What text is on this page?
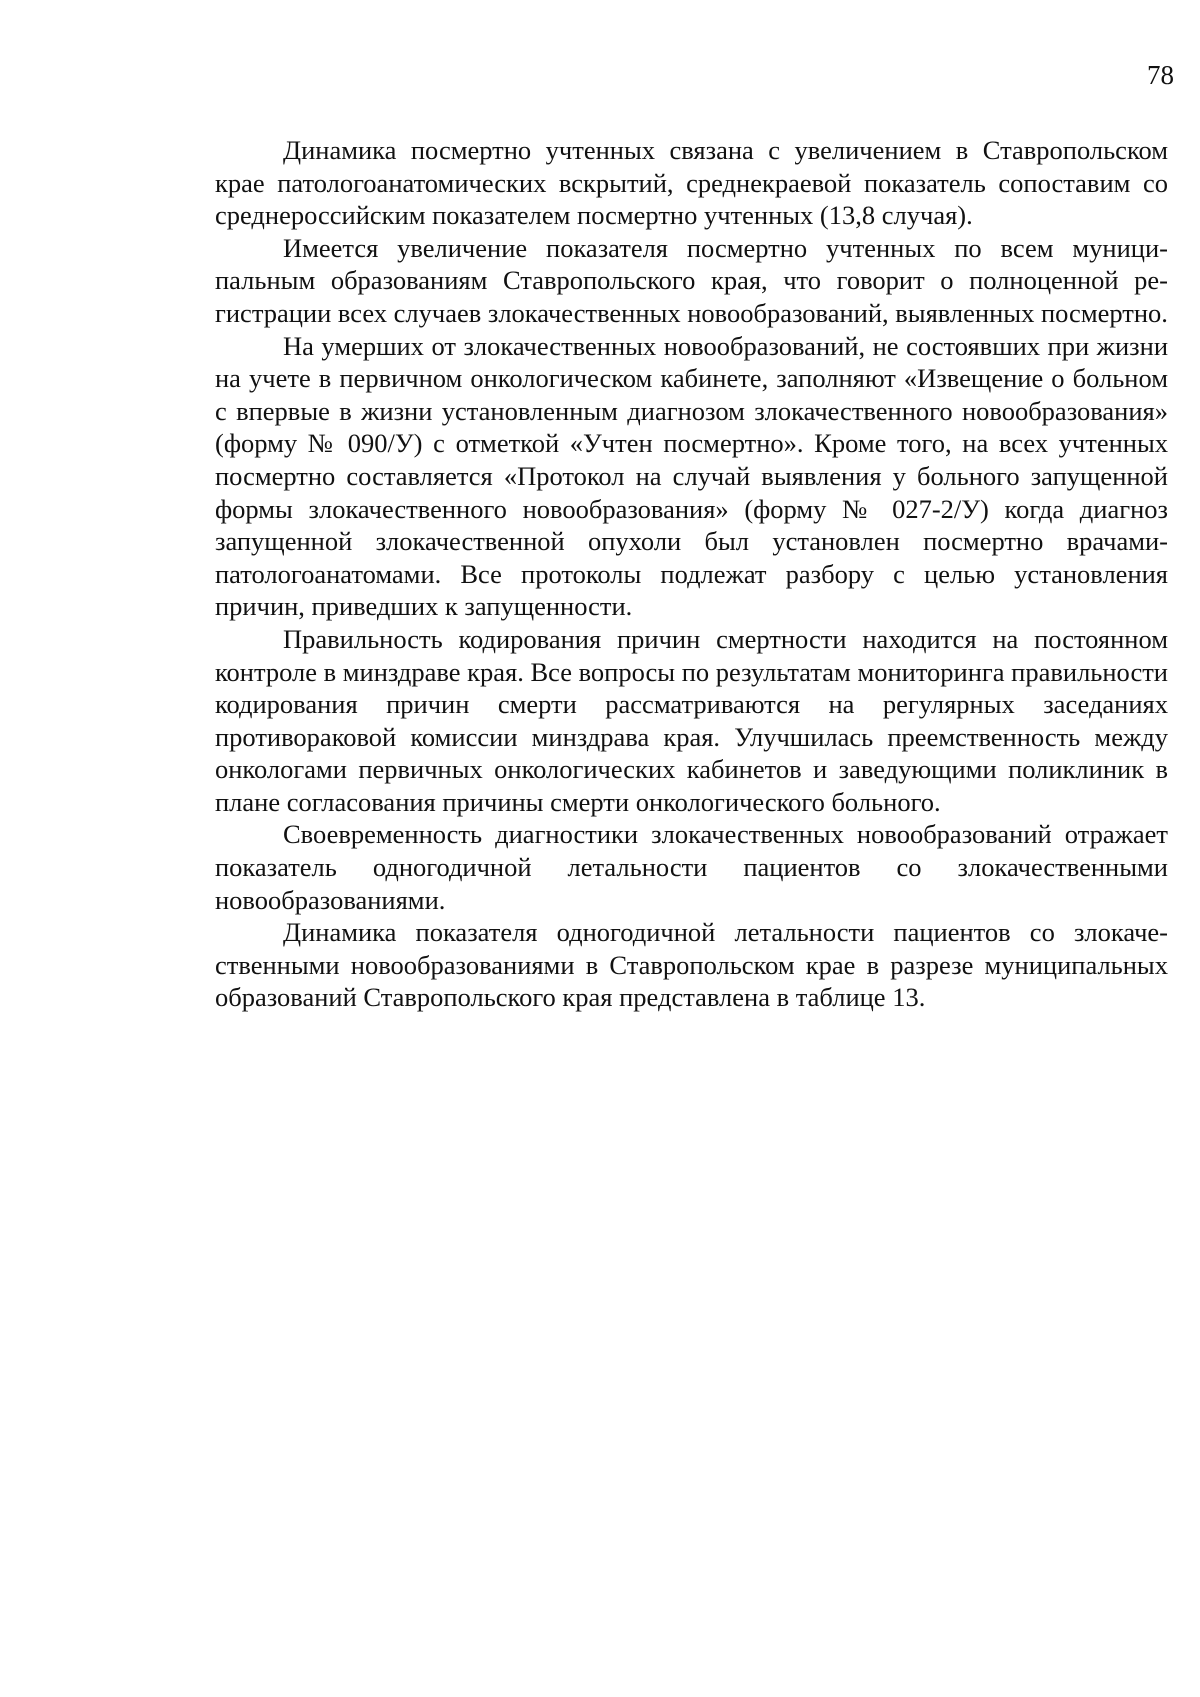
78

Динамика посмертно учтенных связана с увеличением в Ставропольском крае патологоанатомических вскрытий, среднекраевой показатель сопоставим со среднероссийским показателем посмертно учтенных (13,8 случая).

Имеется увеличение показателя посмертно учтенных по всем муниципальным образованиям Ставропольского края, что говорит о полноценной регистрации всех случаев злокачественных новообразований, выявленных посмертно.

На умерших от злокачественных новообразований, не состоявших при жизни на учете в первичном онкологическом кабинете, заполняют «Извещение о больном с впервые в жизни установленным диагнозом злокачественного новообразования» (форму № 090/У) с отметкой «Учтен посмертно». Кроме того, на всех учтенных посмертно составляется «Протокол на случай выявления у больного запущенной формы злокачественного новообразования» (форму № 027-2/У) когда диагноз запущенной злокачественной опухоли был установлен посмертно врачами-патологоанатомами. Все протоколы подлежат разбору с целью установления причин, приведших к запущенности.

Правильность кодирования причин смертности находится на постоянном контроле в минздраве края. Все вопросы по результатам мониторинга правильности кодирования причин смерти рассматриваются на регулярных заседаниях противораковой комиссии минздрава края. Улучшилась преемственность между онкологами первичных онкологических кабинетов и заведующими поликлиник в плане согласования причины смерти онкологического больного.

Своевременность диагностики злокачественных новообразований отражает показатель одногодичной летальности пациентов со злокачественными новообразованиями.

Динамика показателя одногодичной летальности пациентов со злокачественными новообразованиями в Ставропольском крае в разрезе муниципальных образований Ставропольского края представлена в таблице 13.
